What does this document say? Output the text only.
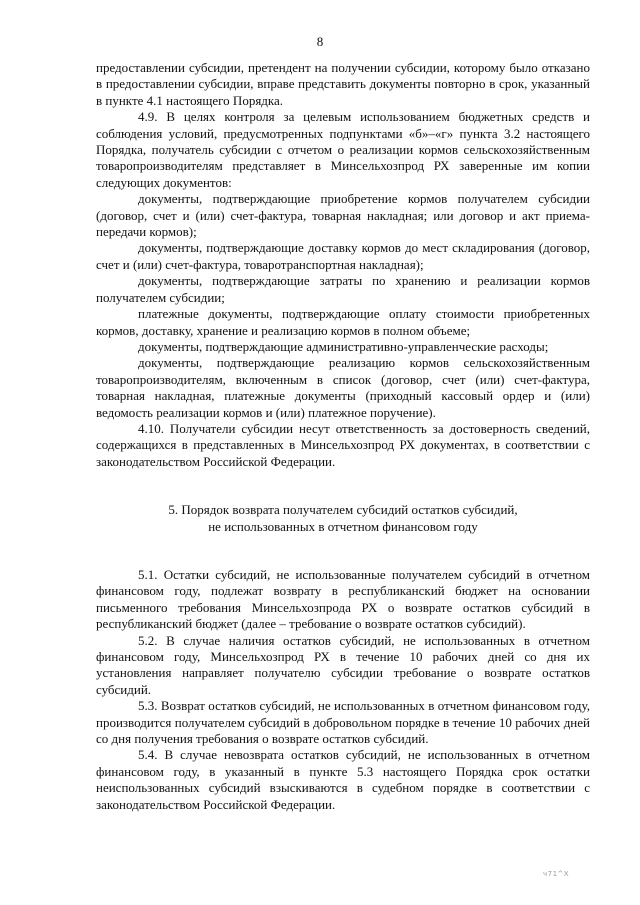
8

предоставлении субсидии, претендент на получении субсидии, которому было отказано в предоставлении субсидии, вправе представить документы повторно в срок, указанный в пункте 4.1 настоящего Порядка.

4.9. В целях контроля за целевым использованием бюджетных средств и соблюдения условий, предусмотренных подпунктами «б»–«г» пункта 3.2 настоящего Порядка, получатель субсидии с отчетом о реализации кормов сельскохозяйственным товаропроизводителям представляет в Минсельхозпрод РХ заверенные им копии следующих документов:

документы, подтверждающие приобретение кормов получателем субсидии (договор, счет и (или) счет-фактура, товарная накладная; или договор и акт приема-передачи кормов);

документы, подтверждающие доставку кормов до мест складирования (договор, счет и (или) счет-фактура, товаротранспортная накладная);

документы, подтверждающие затраты по хранению и реализации кормов получателем субсидии;

платежные документы, подтверждающие оплату стоимости приобретенных кормов, доставку, хранение и реализацию кормов в полном объеме;

документы, подтверждающие административно-управленческие расходы;

документы, подтверждающие реализацию кормов сельскохозяйственным товаропроизводителям, включенным в список (договор, счет (или) счет-фактура, товарная накладная, платежные документы (приходный кассовый ордер и (или) ведомость реализации кормов и (или) платежное поручение).

4.10. Получатели субсидии несут ответственность за достоверность сведений, содержащихся в представленных в Минсельхозпрод РХ документах, в соответствии с законодательством Российской Федерации.

5. Порядок возврата получателем субсидий остатков субсидий,
не использованных в отчетном финансовом году

5.1. Остатки субсидий, не использованные получателем субсидий в отчетном финансовом году, подлежат возврату в республиканский бюджет на основании письменного требования Минсельхозпрода РХ о возврате остатков субсидий в республиканский бюджет (далее – требование о возврате остатков субсидий).

5.2. В случае наличия остатков субсидий, не использованных в отчетном финансовом году, Минсельхозпрод РХ в течение 10 рабочих дней со дня их установления направляет получателю субсидии требование о возврате остатков субсидий.

5.3. Возврат остатков субсидий, не использованных в отчетном финансовом году, производится получателем субсидий в добровольном порядке в течение 10 рабочих дней со дня получения требования о возврате остатков субсидий.

5.4. В случае невозврата остатков субсидий, не использованных в отчетном финансовом году, в указанный в пункте 5.3 настоящего Порядка срок остатки неиспользованных субсидий взыскиваются в судебном порядке в соответствии с законодательством Российской Федерации.

ч71^Х
